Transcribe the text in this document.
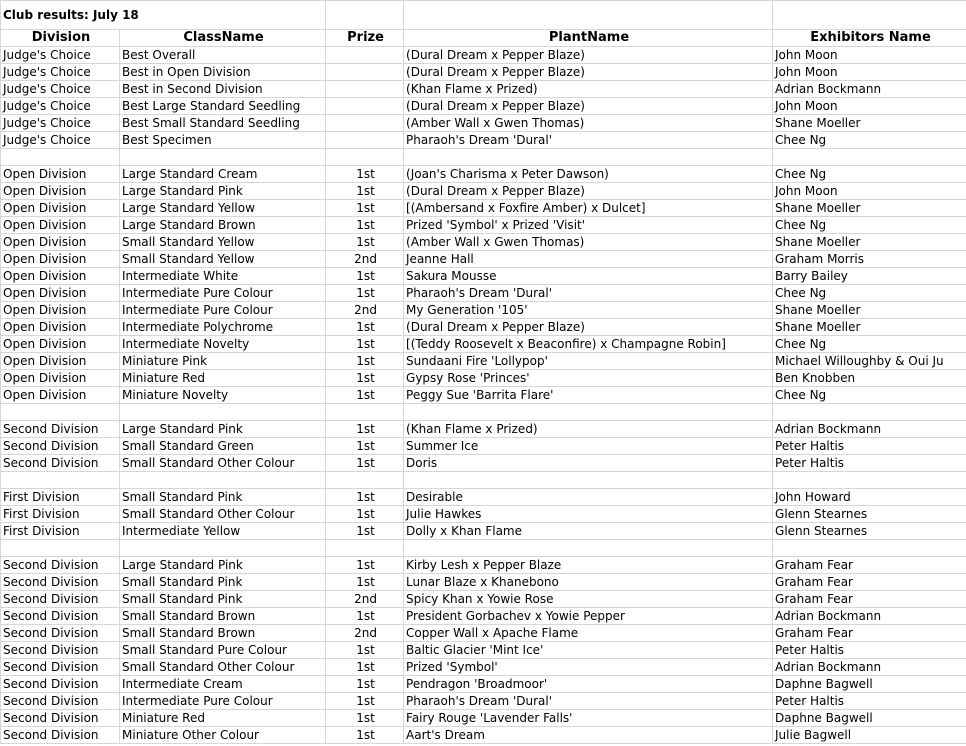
Club results: July 18				
Division	ClassName	Prize	PlantName	Exhibitors Name
Judge's Choice	Best Overall		(Dural Dream x Pepper Blaze)	John Moon
Judge's Choice	Best in Open Division		(Dural Dream x Pepper Blaze)	John Moon
Judge's Choice	Best in Second Division		(Khan Flame x Prized)	Adrian Bockmann
Judge's Choice	Best Large Standard Seedling		(Dural Dream x Pepper Blaze)	John Moon
Judge's Choice	Best Small Standard Seedling		(Amber Wall x Gwen Thomas)	Shane Moeller
Judge's Choice	Best Specimen		Pharaoh's Dream 'Dural'	Chee Ng

Open Division	Large Standard Cream	1st	(Joan's Charisma x Peter Dawson)	Chee Ng
Open Division	Large Standard Pink	1st	(Dural Dream x Pepper Blaze)	John Moon
Open Division	Large Standard Yellow	1st	[(Ambersand x Foxfire Amber) x Dulcet]	Shane Moeller
Open Division	Large Standard Brown	1st	Prized 'Symbol' x Prized 'Visit'	Chee Ng
Open Division	Small Standard Yellow	1st	(Amber Wall x Gwen Thomas)	Shane Moeller
Open Division	Small Standard Yellow	2nd	Jeanne Hall	Graham Morris
Open Division	Intermediate White	1st	Sakura Mousse	Barry Bailey
Open Division	Intermediate Pure Colour	1st	Pharaoh's Dream 'Dural'	Chee Ng
Open Division	Intermediate Pure Colour	2nd	My Generation '105'	Shane Moeller
Open Division	Intermediate Polychrome	1st	(Dural Dream x Pepper Blaze)	Shane Moeller
Open Division	Intermediate Novelty	1st	[(Teddy Roosevelt x Beaconfire) x Champagne Robin]	Chee Ng
Open Division	Miniature Pink	1st	Sundaani Fire 'Lollypop'	Michael Willoughby & Oui Ju
Open Division	Miniature Red	1st	Gypsy Rose 'Princes'	Ben Knobben
Open Division	Miniature Novelty	1st	Peggy Sue 'Barrita Flare'	Chee Ng

Second Division	Large Standard Pink	1st	(Khan Flame x Prized)	Adrian Bockmann
Second Division	Small Standard Green	1st	Summer Ice	Peter Haltis
Second Division	Small Standard Other Colour	1st	Doris	Peter Haltis

First Division	Small Standard Pink	1st	Desirable	John Howard
First Division	Small Standard Other Colour	1st	Julie Hawkes	Glenn Stearnes
First Division	Intermediate Yellow	1st	Dolly x Khan Flame	Glenn Stearnes

Second Division	Large Standard Pink	1st	Kirby Lesh x Pepper Blaze	Graham Fear
Second Division	Small Standard Pink	1st	Lunar Blaze x Khanebono	Graham Fear
Second Division	Small Standard Pink	2nd	Spicy Khan x Yowie Rose	Graham Fear
Second Division	Small Standard Brown	1st	President Gorbachev x Yowie Pepper	Adrian Bockmann
Second Division	Small Standard Brown	2nd	Copper Wall x Apache Flame	Graham Fear
Second Division	Small Standard Pure Colour	1st	Baltic Glacier 'Mint Ice'	Peter Haltis
Second Division	Small Standard Other Colour	1st	Prized 'Symbol'	Adrian Bockmann
Second Division	Intermediate Cream	1st	Pendragon 'Broadmoor'	Daphne Bagwell
Second Division	Intermediate Pure Colour	1st	Pharaoh's Dream 'Dural'	Peter Haltis
Second Division	Miniature Red	1st	Fairy Rouge 'Lavender Falls'	Daphne Bagwell
Second Division	Miniature Other Colour	1st	Aart's Dream	Julie Bagwell
